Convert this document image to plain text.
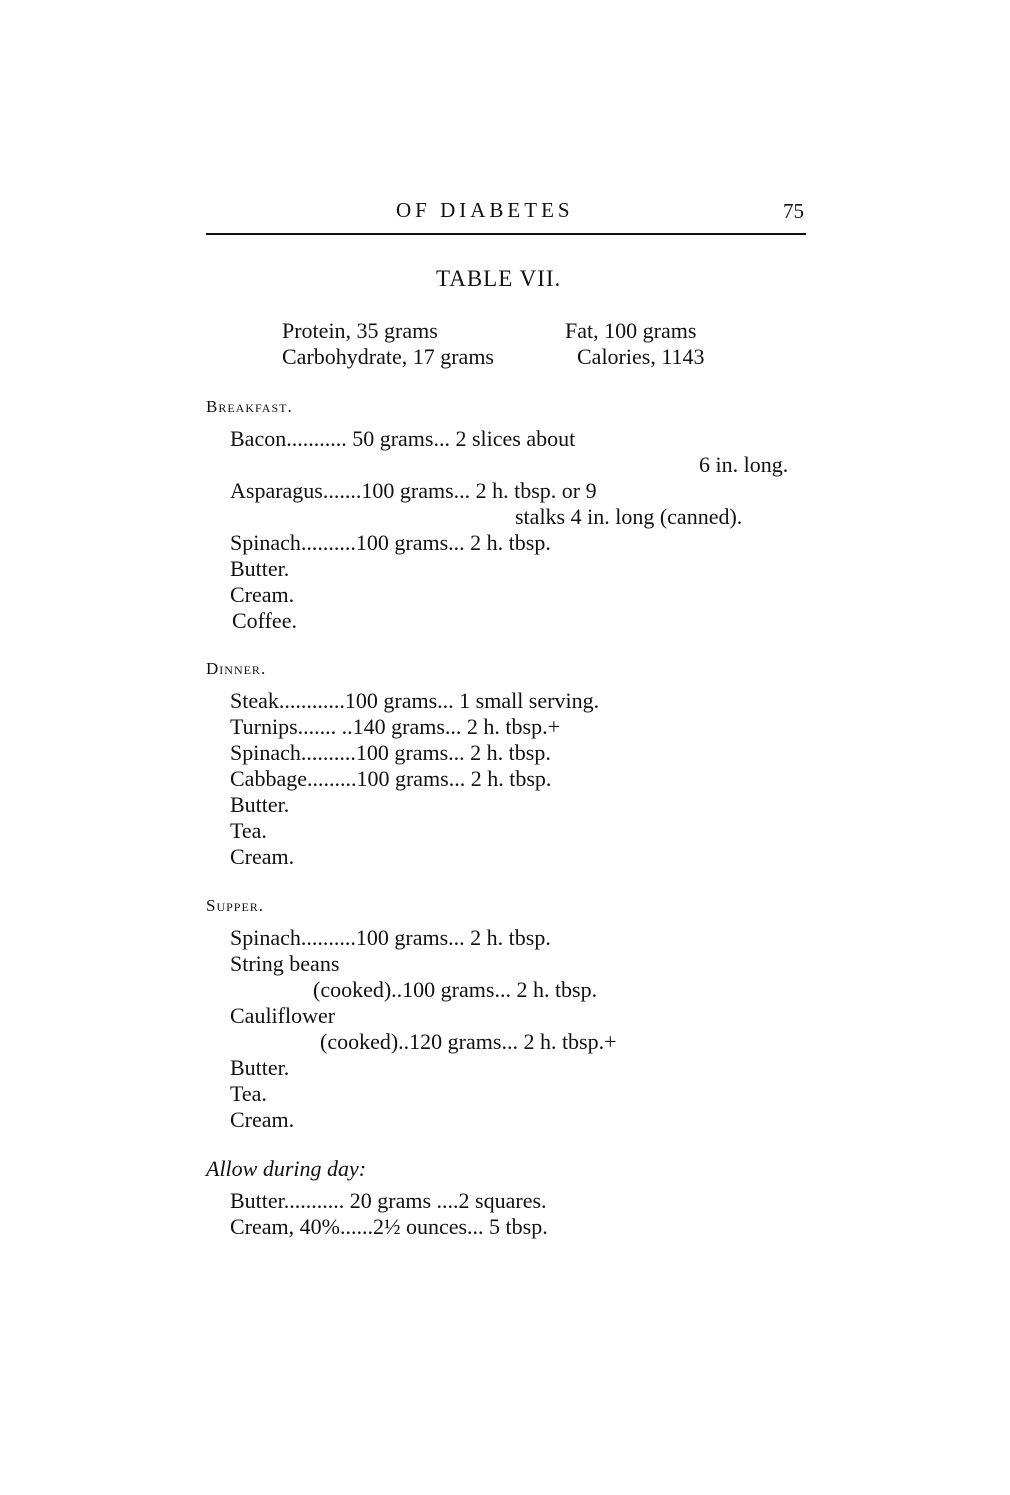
OF DIABETES	75
TABLE VII.
Protein, 35 grams	Fat, 100 grams
Carbohydrate, 17 grams	Calories, 1143
Breakfast.
Bacon........... 50 grams... 2 slices about
6 in. long.
Asparagus.......100 grams... 2 h. tbsp. or 9
stalks 4 in. long (canned).
Spinach..........100 grams... 2 h. tbsp.
Butter.
Cream.
Coffee.
Dinner.
Steak............100 grams... 1 small serving.
Turnips....... ..140 grams... 2 h. tbsp.+
Spinach..........100 grams... 2 h. tbsp.
Cabbage.........100 grams... 2 h. tbsp.
Butter.
Tea.
Cream.
Supper.
Spinach..........100 grams... 2 h. tbsp.
String beans
(cooked)..100 grams... 2 h. tbsp.
Cauliflower
(cooked)..120 grams... 2 h. tbsp.+
Butter.
Tea.
Cream.
Allow during day:
Butter........... 20 grams ....2 squares.
Cream, 40%......2½ ounces... 5 tbsp.
